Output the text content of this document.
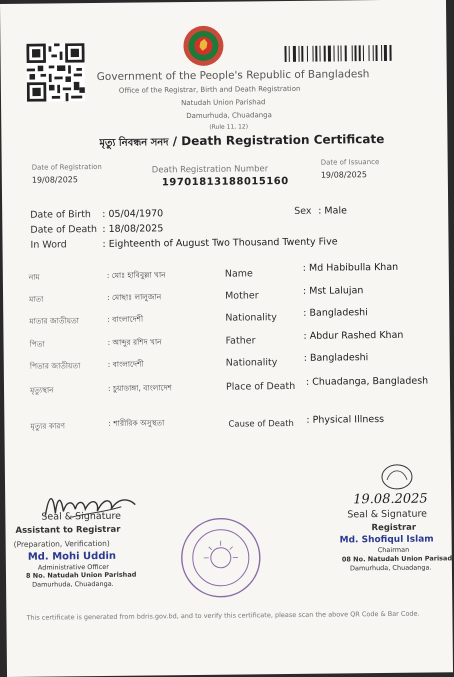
Government of the People's Republic of Bangladesh
Office of the Registrar, Birth and Death Registration
Natudah Union Parishad
Damurhuda, Chuadanga
(Rule 11, 12)
মৃত্যু নিবন্ধন সনদ / Death Registration Certificate
Date of Registration
19/08/2025
Death Registration Number
19701813188015160
Date of Issuance
19/08/2025
Date of Birth : 05/04/1970
Date of Death : 18/08/2025
In Word	: Eighteenth of August Two Thousand Twenty Five
Sex : Male
নাম	: মোঃ হাবিবুল্লা খান
মাতা	: মোছাঃ লালুজান
মাতার জাতীয়তা	: বাংলাদেশী
পিতা	: আব্দুর রশিদ খান
পিতার জাতীয়তা	: বাংলাদেশী
মৃত্যুস্থান	: চুয়াডাঙ্গা, বাংলাদেশ
মৃত্যুর কারণ	: শারীরিক অসুস্থতা
Name
: Md Habibulla Khan
Mother	: Mst Lalujan
Nationality	: Bangladeshi
Father	: Abdur Rashed Khan
Nationality	: Bangladeshi
Place of Death : Chuadanga, Bangladesh
Cause of Death : Physical Illness
Seal & Signature
Assistant to Registrar
(Preparation, Verification)
Md. Mohi Uddin
Administrative Officer
8 No. Natudah Union Parishad
Damurhuda, Chuadanga.
19.08.2025
Seal & Signature
Registrar
Md. Shofiqul Islam
Chairman
08 No. Natudah Union Parisad
Damurhuda, Chuadanga.
This certificate is generated from bdris.gov.bd, and to verify this certificate, please scan the above QR Code & Bar Code.
